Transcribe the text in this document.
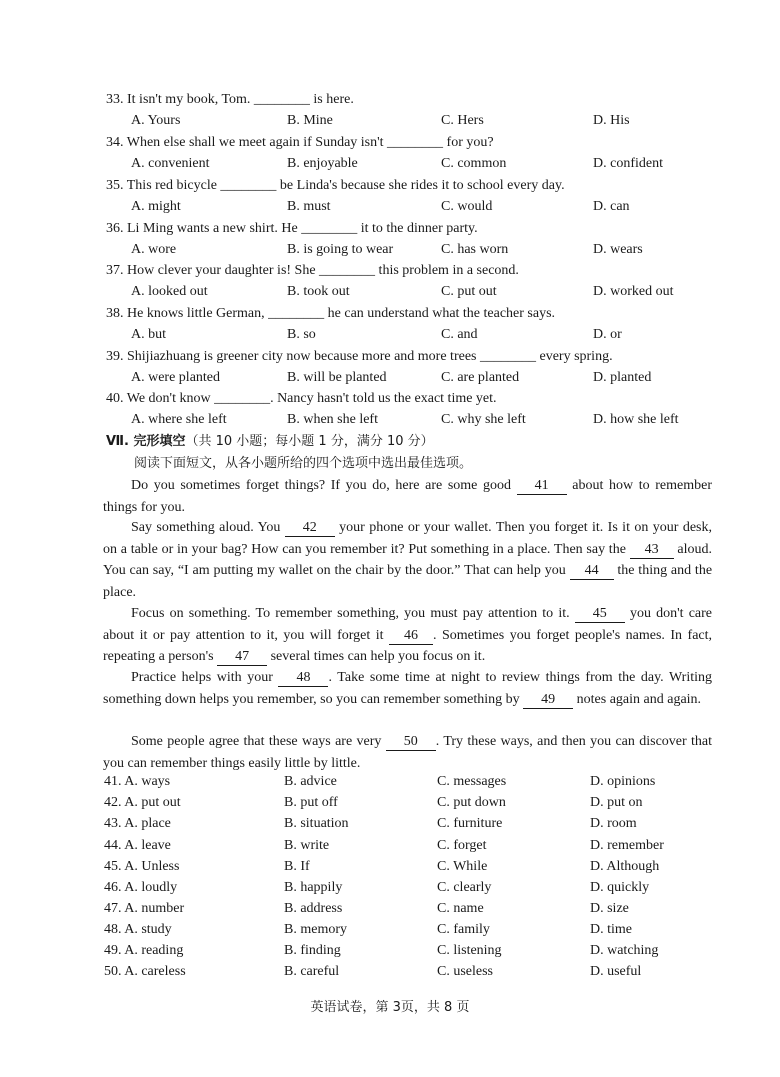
33. It isn't my book, Tom. ________ is here.
A. Yours	B. Mine	C. Hers	D. His
34. When else shall we meet again if Sunday isn't ________ for you?
A. convenient	B. enjoyable	C. common	D. confident
35. This red bicycle ________ be Linda's because she rides it to school every day.
A. might	B. must	C. would	D. can
36. Li Ming wants a new shirt. He ________ it to the dinner party.
A. wore	B. is going to wear	C. has worn	D. wears
37. How clever your daughter is! She ________ this problem in a second.
A. looked out	B. took out	C. put out	D. worked out
38. He knows little German, ________ he can understand what the teacher says.
A. but	B. so	C. and	D. or
39. Shijiazhuang is greener city now because more and more trees ________ every spring.
A. were planted	B. will be planted	C. are planted	D. planted
40. We don't know ________. Nancy hasn't told us the exact time yet.
A. where she left	B. when she left	C. why she left	D. how she left
Ⅶ. 完形填空（共 10 小题；每小题 1 分，满分 10 分）
阅读下面短文，从各小题所给的四个选项中选出最佳选项。
Do you sometimes forget things? If you do, here are some good 41 about how to remember things for you.
Say something aloud. You 42 your phone or your wallet. Then you forget it. Is it on your desk, on a table or in your bag? How can you remember it? Put something in a place. Then say the 43 aloud. You can say, “I am putting my wallet on the chair by the door.” That can help you 44 the thing and the place.
Focus on something. To remember something, you must pay attention to it. 45 you don't care about it or pay attention to it, you will forget it 46 . Sometimes you forget people's names. In fact, repeating a person's 47 several times can help you focus on it.
Practice helps with your 48 . Take some time at night to review things from the day. Writing something down helps you remember, so you can remember something by 49 notes again and again.
Some people agree that these ways are very 50 . Try these ways, and then you can discover that you can remember things easily little by little.
41. A. ways	B. advice	C. messages	D. opinions
42. A. put out	B. put off	C. put down	D. put on
43. A. place	B. situation	C. furniture	D. room
44. A. leave	B. write	C. forget	D. remember
45. A. Unless	B. If	C. While	D. Although
46. A. loudly	B. happily	C. clearly	D. quickly
47. A. number	B. address	C. name	D. size
48. A. study	B. memory	C. family	D. time
49. A. reading	B. finding	C. listening	D. watching
50. A. careless	B. careful	C. useless	D. useful
英语试卷，第 3页，共 8 页
